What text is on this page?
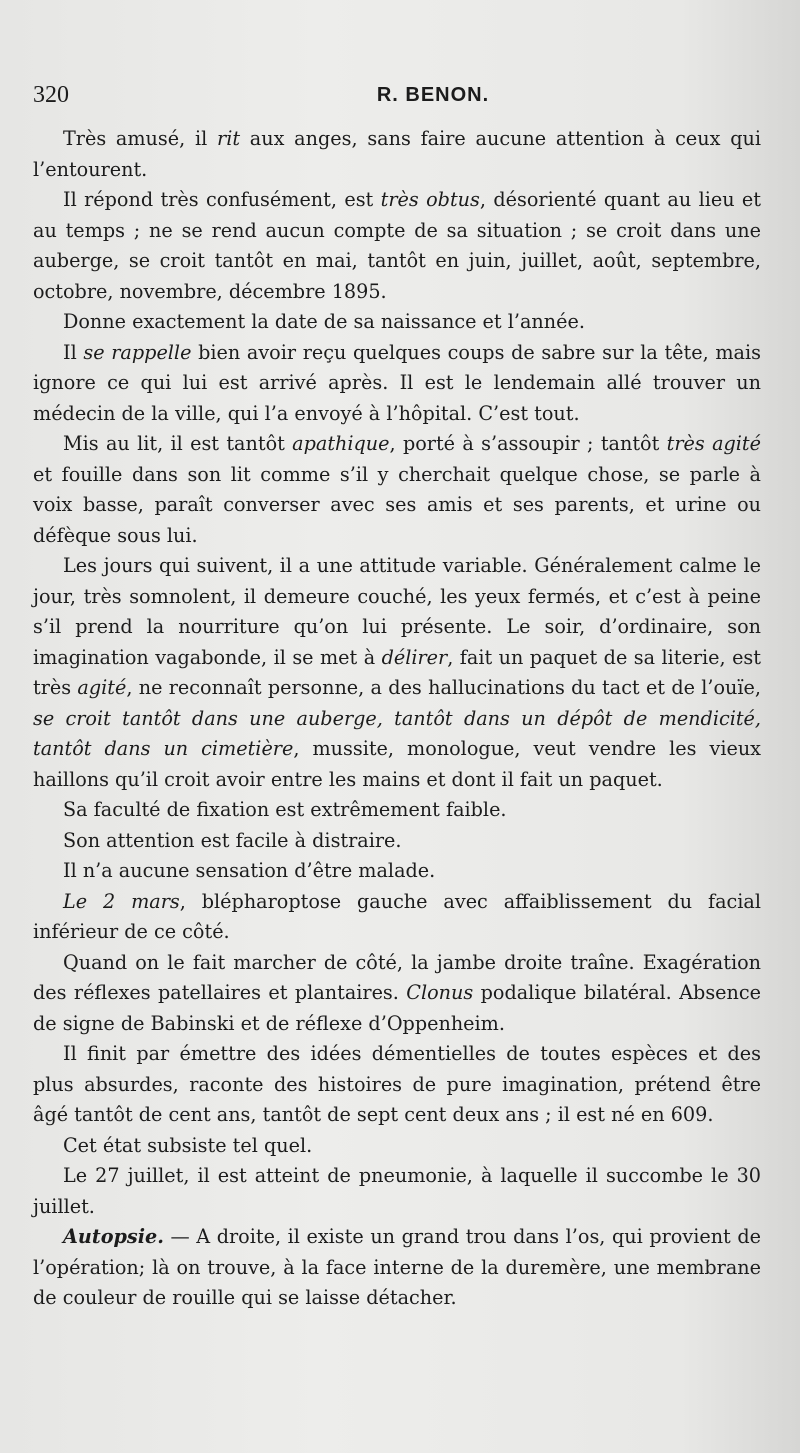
320	R. BENON.

Très amusé, il rit aux anges, sans faire aucune attention à ceux qui l’entourent.

Il répond très confusément, est très obtus, désorienté quant au lieu et au temps ; ne se rend aucun compte de sa situation ; se croit dans une auberge, se croit tantôt en mai, tantôt en juin, juillet, août, septembre, octobre, novembre, décembre 1895.

Donne exactement la date de sa naissance et l’année.

Il se rappelle bien avoir reçu quelques coups de sabre sur la tête, mais ignore ce qui lui est arrivé après. Il est le lendemain allé trouver un médecin de la ville, qui l’a envoyé à l’hôpital. C’est tout.

Mis au lit, il est tantôt apathique, porté à s’assoupir ; tantôt très agité et fouille dans son lit comme s’il y cherchait quelque chose, se parle à voix basse, paraît converser avec ses amis et ses parents, et urine ou défèque sous lui.

Les jours qui suivent, il a une attitude variable. Généralement calme le jour, très somnolent, il demeure couché, les yeux fermés, et c’est à peine s’il prend la nourriture qu’on lui présente. Le soir, d’ordinaire, son imagination vagabonde, il se met à délirer, fait un paquet de sa literie, est très agité, ne reconnaît personne, a des hallucinations du tact et de l’ouïe, se croit tantôt dans une auberge, tantôt dans un dépôt de mendicité, tantôt dans un cimetière, mussite, monologue, veut vendre les vieux haillons qu’il croit avoir entre les mains et dont il fait un paquet.

Sa faculté de fixation est extrêmement faible.

Son attention est facile à distraire.

Il n’a aucune sensation d’être malade.

Le 2 mars, blépharoptose gauche avec affaiblissement du facial inférieur de ce côté.

Quand on le fait marcher de côté, la jambe droite traîne. Exagération des réflexes patellaires et plantaires. Clonus podalique bilatéral. Absence de signe de Babinski et de réflexe d’Oppenheim.

Il finit par émettre des idées démentielles de toutes espèces et des plus absurdes, raconte des histoires de pure imagination, prétend être âgé tantôt de cent ans, tantôt de sept cent deux ans ; il est né en 609.

Cet état subsiste tel quel.

Le 27 juillet, il est atteint de pneumonie, à laquelle il succombe le 30 juillet.

Autopsie. — A droite, il existe un grand trou dans l’os, qui provient de l’opération; là on trouve, à la face interne de la duremère, une membrane de couleur de rouille qui se laisse détacher.
